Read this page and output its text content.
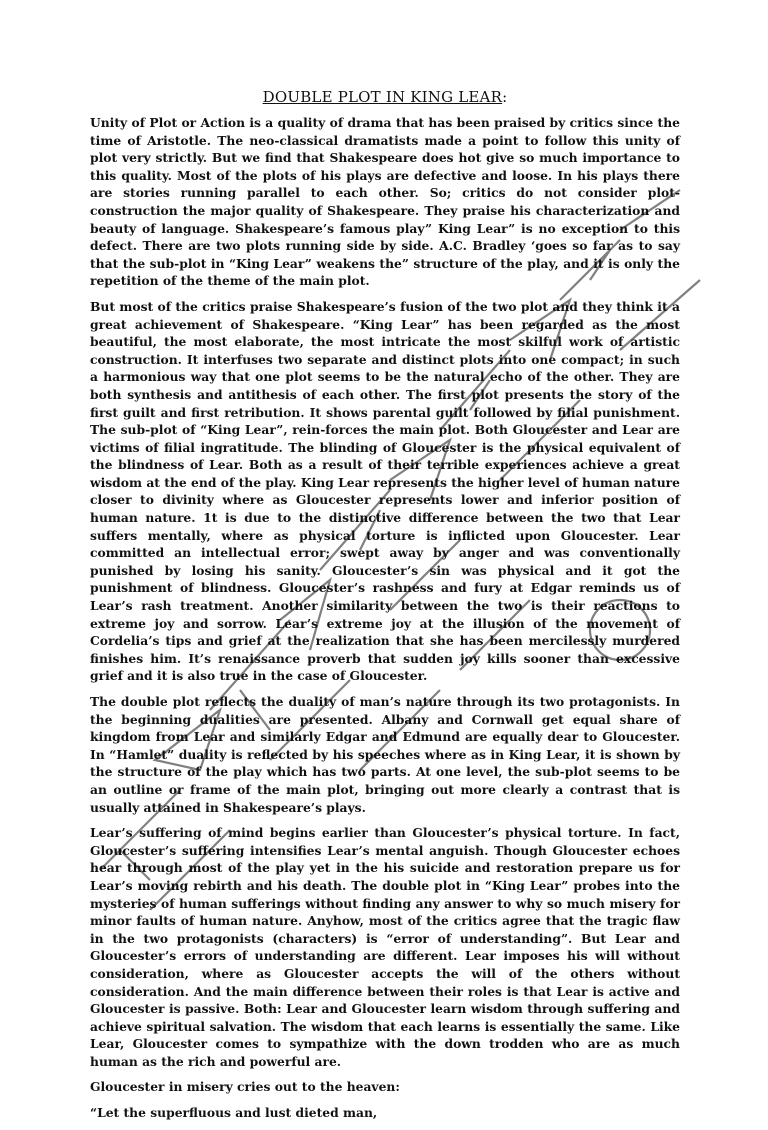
DOUBLE PLOT IN KING LEAR:

Unity of Plot or Action is a quality of drama that has been praised by critics since the time of Aristotle. The neo-classical dramatists made a point to follow this unity of plot very strictly. But we find that Shakespeare does hot give so much importance to this quality. Most of the plots of his plays are defective and loose. In his plays there are stories running parallel to each other. So; critics do not consider plot-construction the major quality of Shakespeare. They praise his characterization and beauty of language. Shakespeare’s famous play” King Lear” is no exception to this defect. There are two plots running side by side. A.C. Bradley ‘goes so far as to say that the sub-plot in “King Lear” weakens the” structure of the play, and it is only the repetition of the theme of the main plot.

But most of the critics praise Shakespeare’s fusion of the two plot and they think it a great achievement of Shakespeare. “King Lear” has been regarded as the most beautiful, the most elaborate, the most intricate the most skilful work of artistic construction. It interfuses two separate and distinct plots into one compact; in such a harmonious way that one plot seems to be the natural echo of the other. They are both synthesis and antithesis of each other. The first plot presents the story of the first guilt and first retribution. It shows parental guilt followed by filial punishment. The sub-plot of “King Lear”, rein-forces the main plot. Both Gloucester and Lear are victims of filial ingratitude. The blinding of Gloucester is the physical equivalent of the blindness of Lear. Both as a result of their terrible experiences achieve a great wisdom at the end of the play. King Lear represents the higher level of human nature closer to divinity where as Gloucester represents lower and inferior position of human nature. 1t is due to the distinctive difference between the two that Lear suffers mentally, where as physical torture is inflicted upon Gloucester. Lear committed an intellectual error; swept away by anger and was conventionally punished by losing his sanity. Gloucester’s sin was physical and it got the punishment of blindness. Gloucester’s rashness and fury at Edgar reminds us of Lear’s rash treatment. Another similarity between the two is their reactions to extreme joy and sorrow. Lear’s extreme joy at the illusion of the movement of Cordelia’s tips and grief at the realization that she has been mercilessly murdered finishes him. It’s renaissance proverb that sudden joy kills sooner than excessive grief and it is also true in the case of Gloucester.

The double plot reflects the duality of man’s nature through its two protagonists. In the beginning dualities are presented. Albany and Cornwall get equal share of kingdom from Lear and similarly Edgar and Edmund are equally dear to Gloucester. In “Hamlet” duality is reflected by his speeches where as in King Lear, it is shown by the structure of the play which has two parts. At one level, the sub-plot seems to be an outline or frame of the main plot, bringing out more clearly a contrast that is usually attained in Shakespeare’s plays.

Lear’s suffering of mind begins earlier than Gloucester’s physical torture. In fact, Gloucester’s suffering intensifies Lear’s mental anguish. Though Gloucester echoes hear through most of the play yet in the his suicide and restoration prepare us for Lear’s moving rebirth and his death. The double plot in “King Lear” probes into the mysteries of human sufferings without finding any answer to why so much misery for minor faults of human nature. Anyhow, most of the critics agree that the tragic flaw in the two protagonists (characters) is “error of understanding”. But Lear and Gloucester’s errors of understanding are different. Lear imposes his will without consideration, where as Gloucester accepts the will of the others without consideration. And the main difference between their roles is that Lear is active and Gloucester is passive. Both: Lear and Gloucester learn wisdom through suffering and achieve spiritual salvation. The wisdom that each learns is essentially the same. Like Lear, Gloucester comes to sympathize with the down trodden who are as much human as the rich and powerful are.

Gloucester in misery cries out to the heaven:

“Let the superfluous and lust dieted man,
